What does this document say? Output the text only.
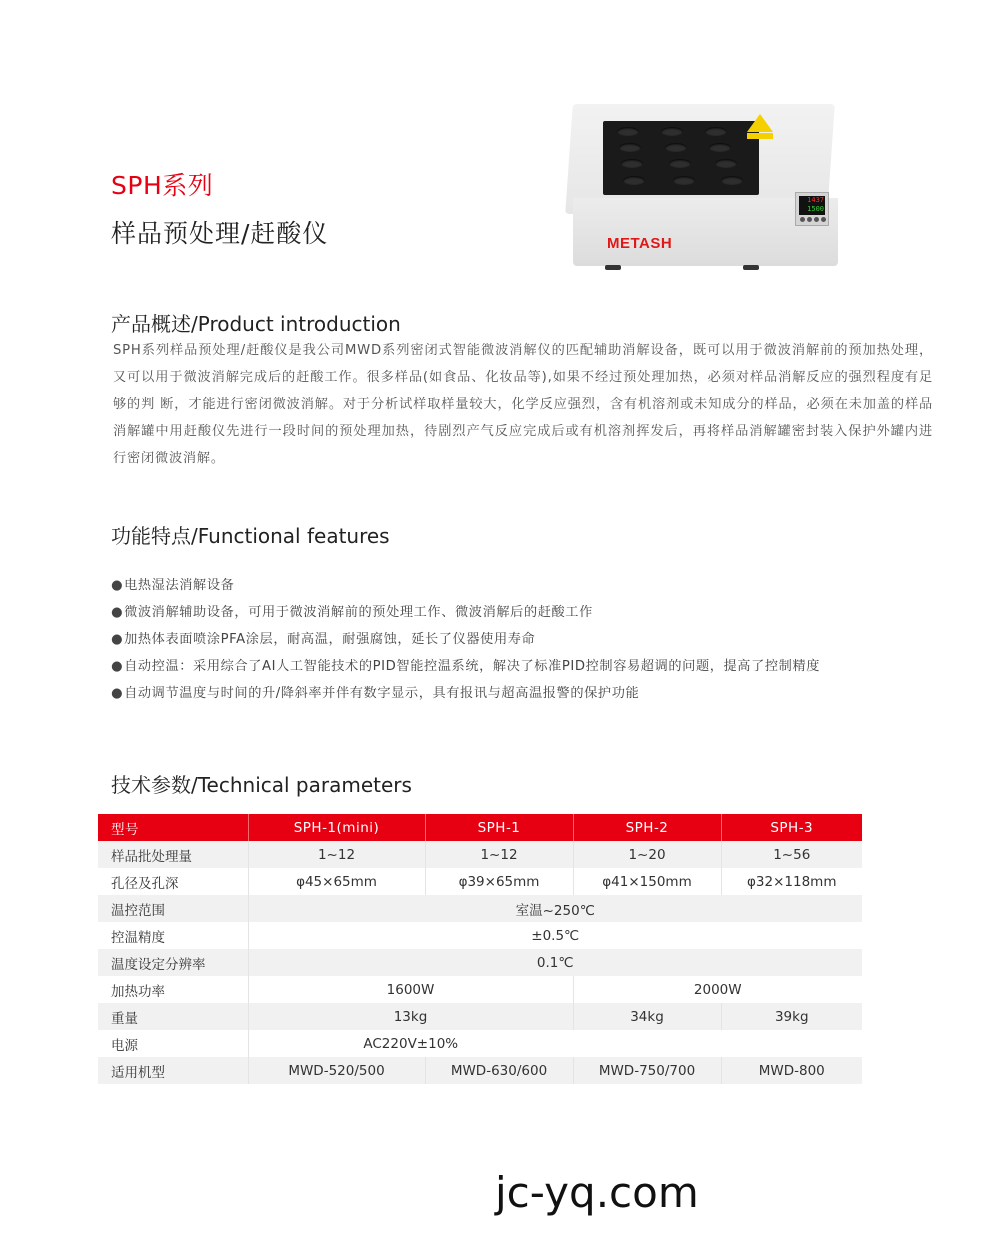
SPH系列
样品预处理/赶酸仪
1437
1500
METASH
产品概述/Product introduction

SPH系列样品预处理/赶酸仪是我公司MWD系列密闭式智能微波消解仪的匹配辅助消解设备，既可以用于微波消解前的预加热处理，又可以用于微波消解完成后的赶酸工作。很多样品(如食品、化妆品等),如果不经过预处理加热，必须对样品消解反应的强烈程度有足够的判 断，才能进行密闭微波消解。对于分析试样取样量较大，化学反应强烈，含有机溶剂或未知成分的样品，必须在未加盖的样品消解罐中用赶酸仪先进行一段时间的预处理加热，待剧烈产气反应完成后或有机溶剂挥发后，再将样品消解罐密封装入保护外罐内进行密闭微波消解。

功能特点/Functional features
● 电热湿法消解设备
● 微波消解辅助设备，可用于微波消解前的预处理工作、微波消解后的赶酸工作
● 加热体表面喷涂PFA涂层，耐高温，耐强腐蚀，延长了仪器使用寿命
● 自动控温：采用综合了AI人工智能技术的PID智能控温系统，解决了标准PID控制容易超调的问题，提高了控制精度
● 自动调节温度与时间的升/降斜率并伴有数字显示，具有报讯与超高温报警的保护功能
技术参数/Technical parameters
型号	SPH-1(mini)	SPH-1	SPH-2	SPH-3
样品批处理量	1~12	1~12	1~20	1~56
孔径及孔深	φ45×65mm	φ39×65mm	φ41×150mm	φ32×118mm
温控范围	室温~250℃			
控温精度	±0.5℃			
温度设定分辨率	0.1℃			
加热功率	1600W		2000W	
重量	13kg		34kg	39kg
电源	AC220V±10%			
适用机型	MWD-520/500	MWD-630/600	MWD-750/700	MWD-800
jc-yq.com
